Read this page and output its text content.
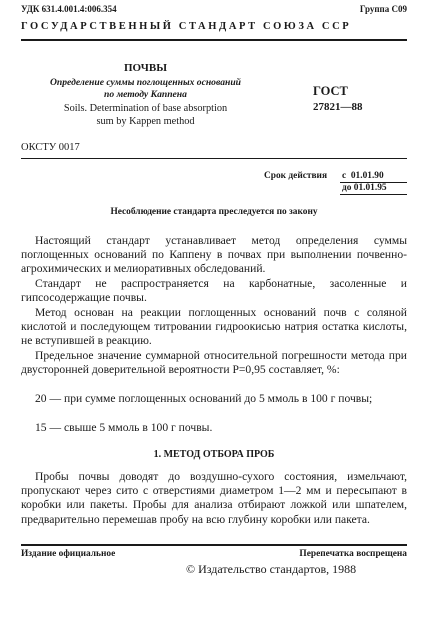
УДК 631.4.001.4:006.354	Группа С09
ГОСУДАРСТВЕННЫЙ СТАНДАРТ СОЮЗА ССР
ПОЧВЫ
Определение суммы поглощенных оснований
по методу Каппена
Soils. Determination of base absorption
sum by Kappen method
ГОСТ
27821—88
ОКСТУ 0017
Срок действия с  01.01.90
до 01.01.95
Несоблюдение стандарта преследуется по закону

Настоящий стандарт устанавливает метод определения суммы поглощенных оснований по Каппену в почвах при выполнении почвенно-агрохимических и мелиоративных обследований.

Стандарт не распространяется на карбонатные, засоленные и гипсосодержащие почвы.

Метод основан на реакции поглощенных оснований почв с соляной кислотой и последующем титровании гидроокисью натрия остатка кислоты, не вступившей в реакцию.

Предельное значение суммарной относительной погрешности метода при двусторонней доверительной вероятности P=0,95 составляет, %:

20 — при сумме поглощенных оснований до 5 ммоль в 100 г почвы;

15 — свыше 5 ммоль в 100 г почвы.

1. МЕТОД ОТБОРА ПРОБ

Пробы почвы доводят до воздушно-сухого состояния, измельчают, пропускают через сито с отверстиями диаметром 1—2 мм и пересыпают в коробки или пакеты. Пробы для анализа отбирают ложкой или шпателем, предварительно перемешав пробу на всю глубину коробки или пакета.

Издание официальное	Перепечатка воспрещена
© Издательство стандартов, 1988
